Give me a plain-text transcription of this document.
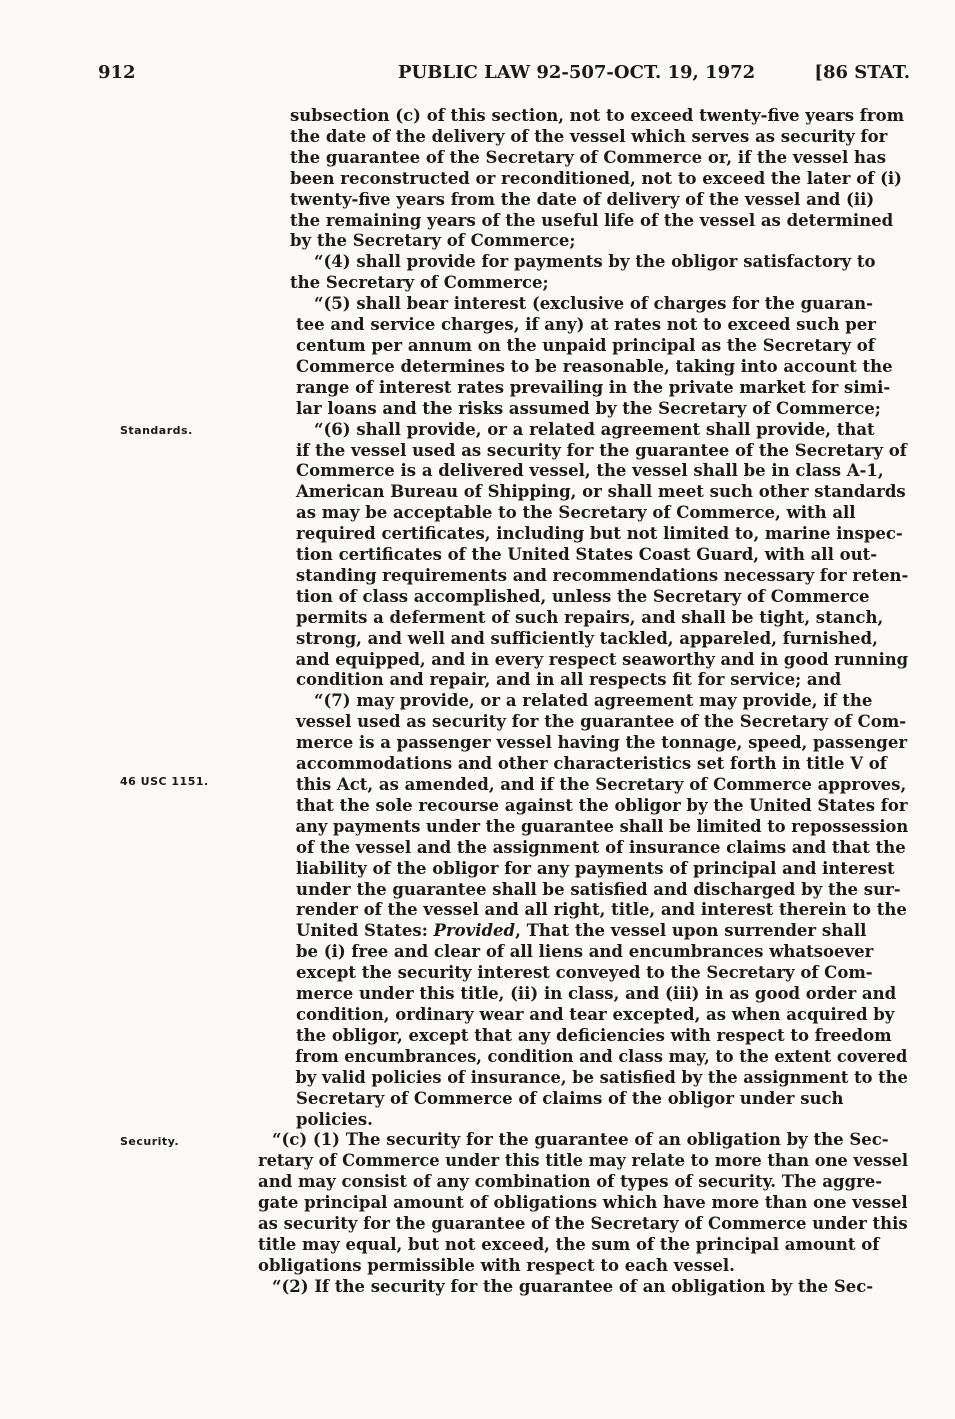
912	PUBLIC LAW 92-507-OCT. 19, 1972	[86 STAT.
Standards.
46 USC 1151.
Security.
subsection (c) of this section, not to exceed twenty-five years from
the date of the delivery of the vessel which serves as security for
the guarantee of the Secretary of Commerce or, if the vessel has
been reconstructed or reconditioned, not to exceed the later of (i)
twenty-five years from the date of delivery of the vessel and (ii)
the remaining years of the useful life of the vessel as determined
by the Secretary of Commerce;
“(4) shall provide for payments by the obligor satisfactory to
the Secretary of Commerce;
“(5) shall bear interest (exclusive of charges for the guaran-
tee and service charges, if any) at rates not to exceed such per
centum per annum on the unpaid principal as the Secretary of
Commerce determines to be reasonable, taking into account the
range of interest rates prevailing in the private market for simi-
lar loans and the risks assumed by the Secretary of Commerce;
“(6) shall provide, or a related agreement shall provide, that
if the vessel used as security for the guarantee of the Secretary of
Commerce is a delivered vessel, the vessel shall be in class A-1,
American Bureau of Shipping, or shall meet such other standards
as may be acceptable to the Secretary of Commerce, with all
required certificates, including but not limited to, marine inspec-
tion certificates of the United States Coast Guard, with all out-
standing requirements and recommendations necessary for reten-
tion of class accomplished, unless the Secretary of Commerce
permits a deferment of such repairs, and shall be tight, stanch,
strong, and well and sufficiently tackled, appareled, furnished,
and equipped, and in every respect seaworthy and in good running
condition and repair, and in all respects fit for service; and
“(7) may provide, or a related agreement may provide, if the
vessel used as security for the guarantee of the Secretary of Com-
merce is a passenger vessel having the tonnage, speed, passenger
accommodations and other characteristics set forth in title V of
this Act, as amended, and if the Secretary of Commerce approves,
that the sole recourse against the obligor by the United States for
any payments under the guarantee shall be limited to repossession
of the vessel and the assignment of insurance claims and that the
liability of the obligor for any payments of principal and interest
under the guarantee shall be satisfied and discharged by the sur-
render of the vessel and all right, title, and interest therein to the
United States: Provided, That the vessel upon surrender shall
be (i) free and clear of all liens and encumbrances whatsoever
except the security interest conveyed to the Secretary of Com-
merce under this title, (ii) in class, and (iii) in as good order and
condition, ordinary wear and tear excepted, as when acquired by
the obligor, except that any deficiencies with respect to freedom
from encumbrances, condition and class may, to the extent covered
by valid policies of insurance, be satisfied by the assignment to the
Secretary of Commerce of claims of the obligor under such
policies.
“(c) (1) The security for the guarantee of an obligation by the Sec-
retary of Commerce under this title may relate to more than one vessel
and may consist of any combination of types of security. The aggre-
gate principal amount of obligations which have more than one vessel
as security for the guarantee of the Secretary of Commerce under this
title may equal, but not exceed, the sum of the principal amount of
obligations permissible with respect to each vessel.
“(2) If the security for the guarantee of an obligation by the Sec-
